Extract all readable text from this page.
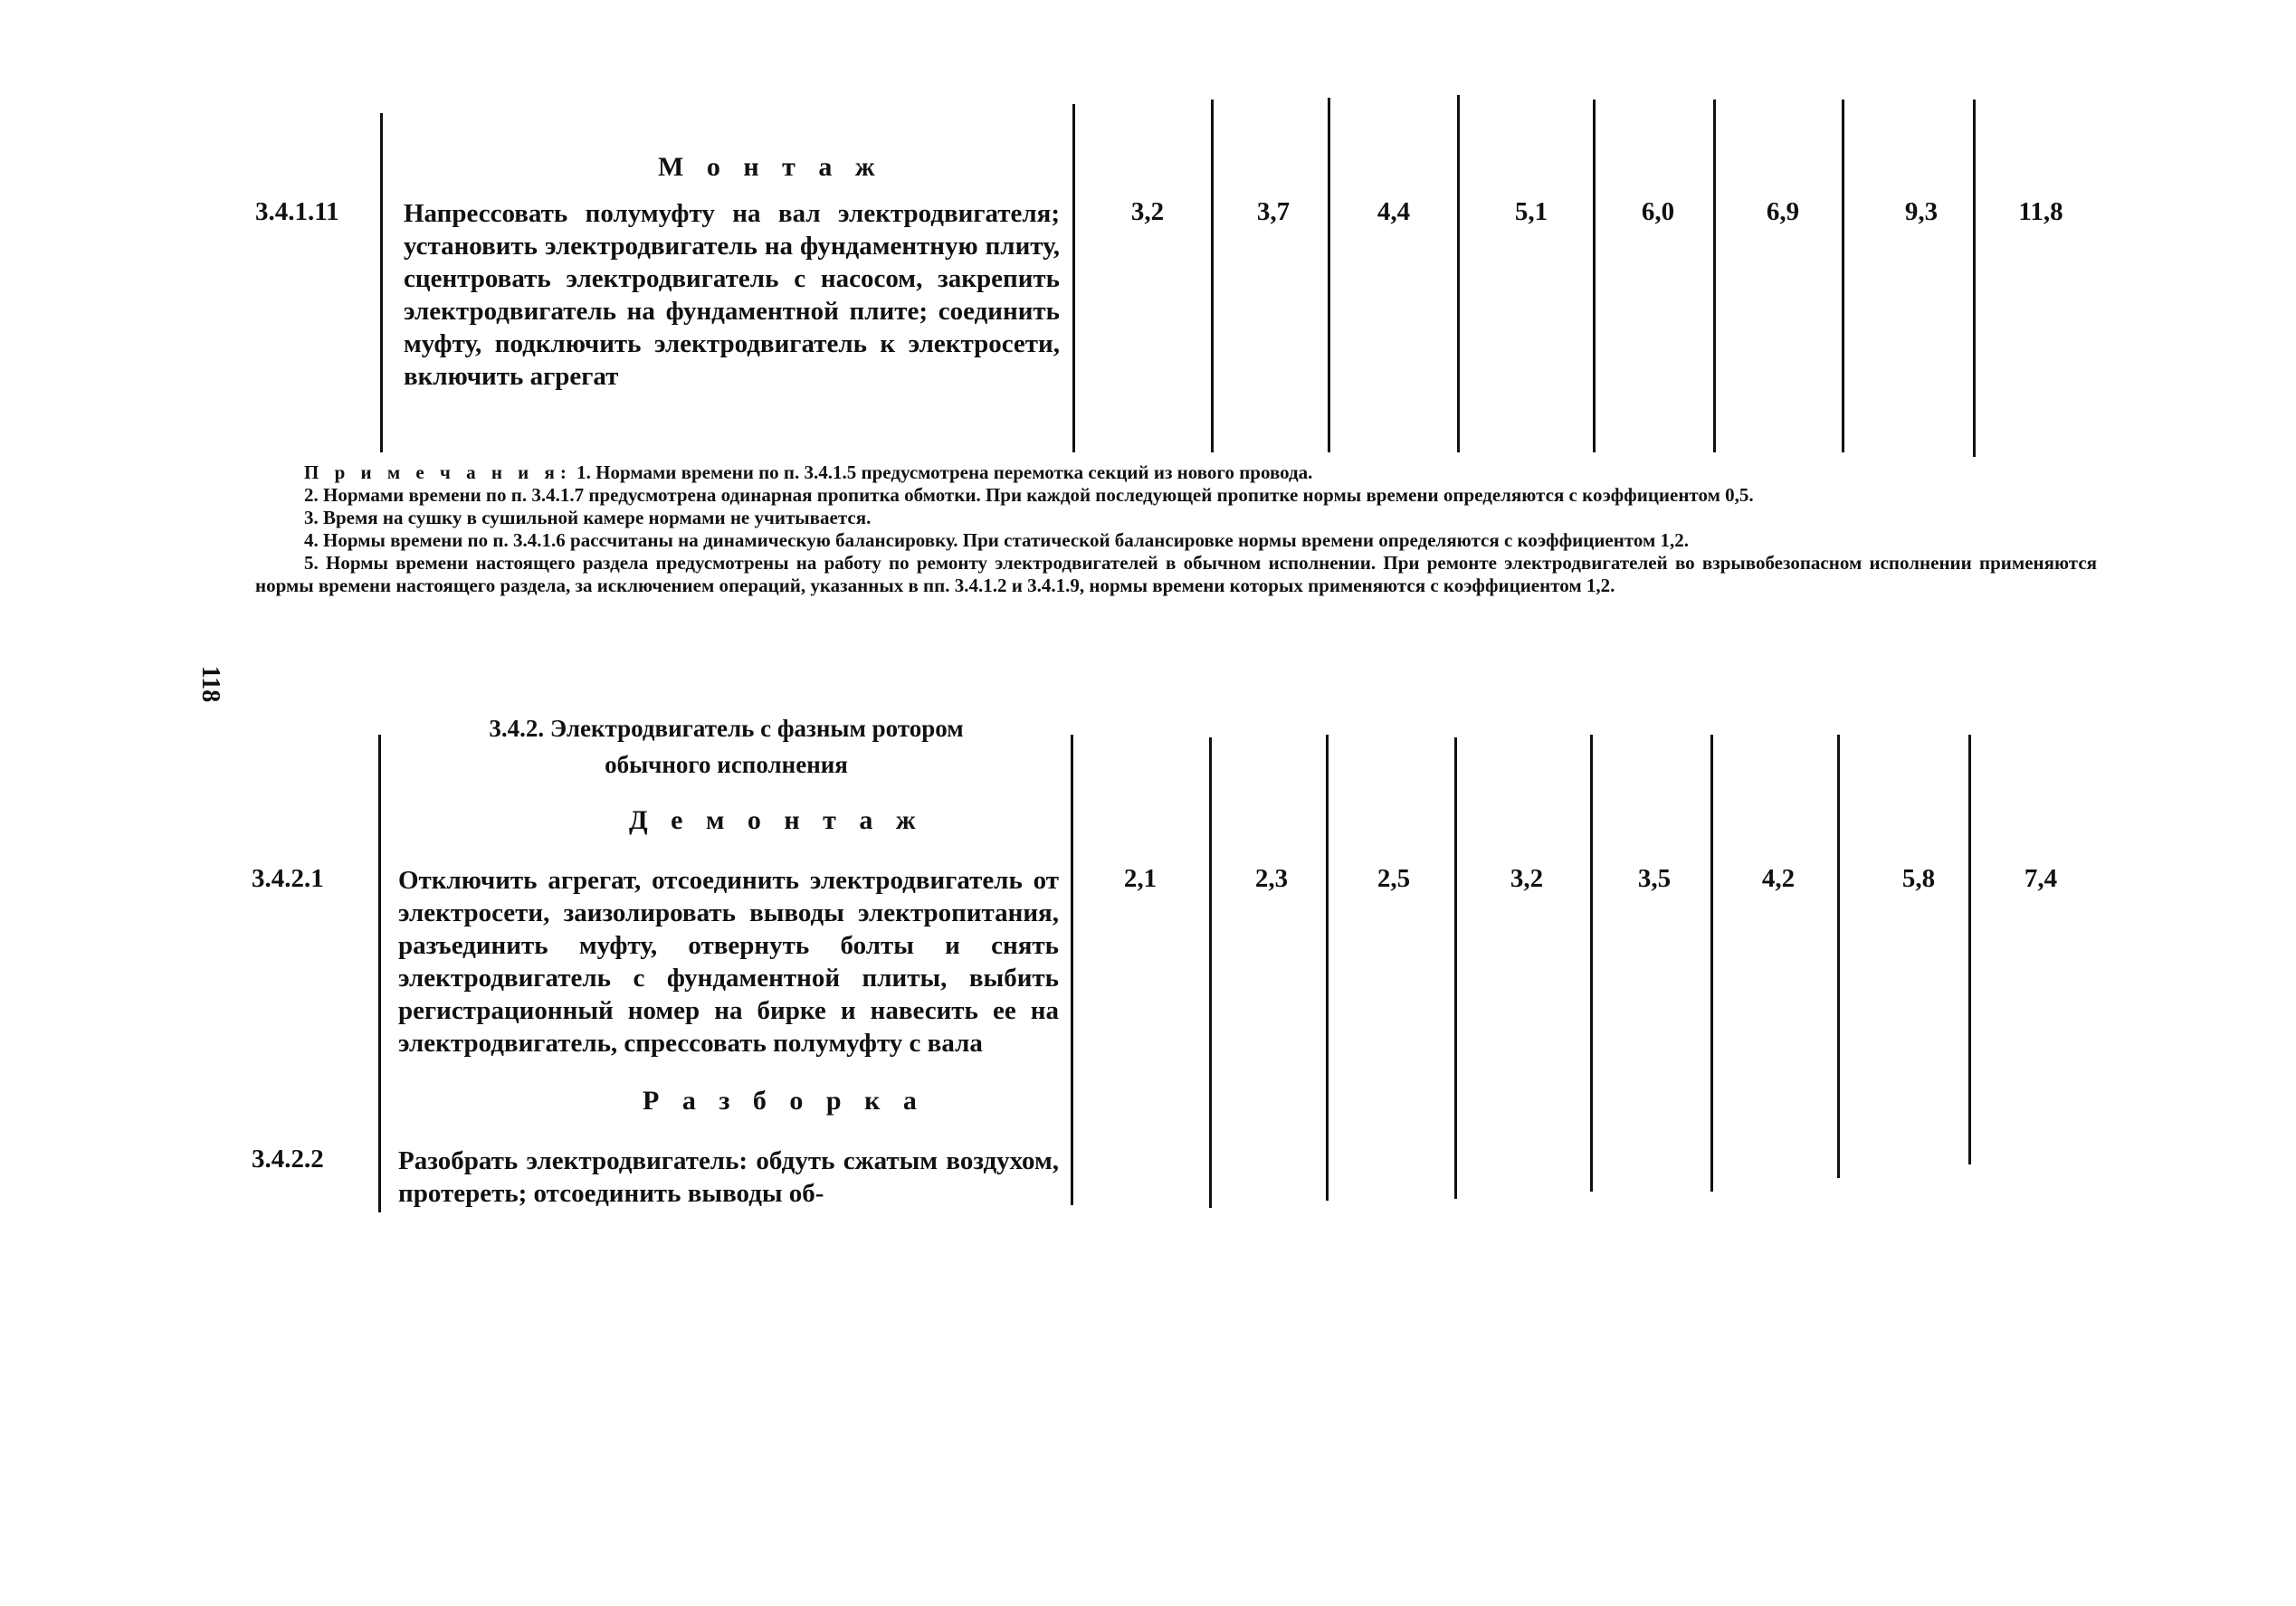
118
М о н т а ж
3.4.1.11 Напрессовать полумуфту на вал электродвигателя; установить электродвигатель на фундаментную плиту, сцентровать электродвигатель с насосом, закрепить электродвигатель на фундаментной плите; соединить муфту, подключить электродвигатель к электросети, включить агрегат
3,2	3,7	4,4	5,1	6,0	6,9	9,3	11,8

П р и м е ч а н и я: 1. Нормами времени по п. 3.4.1.5 предусмотрена перемотка секций из нового провода.

2. Нормами времени по п. 3.4.1.7 предусмотрена одинарная пропитка обмотки. При каждой последующей пропитке нормы времени определяются с коэффициентом 0,5.

3. Время на сушку в сушильной камере нормами не учитывается.

4. Нормы времени по п. 3.4.1.6 рассчитаны на динамическую балансировку. При статической балансировке нормы времени определяются с коэффициентом 1,2.

5. Нормы времени настоящего раздела предусмотрены на работу по ремонту электродвигателей в обычном исполнении. При ремонте электродвигателей во взрывобезопасном исполнении применяются нормы времени настоящего раздела, за исключением операций, указанных в пп. 3.4.1.2 и 3.4.1.9, нормы времени которых применяются с коэффициентом 1,2.

3.4.2. Электродвигатель с фазным ротором
обычного исполнения
Д е м о н т а ж
3.4.2.1	Отключить агрегат, отсоединить электродвигатель от электросети, заизолировать выводы электропитания, разъединить муфту, отвернуть болты и снять электродвигатель с фундаментной плиты, выбить регистрационный номер на бирке и навесить ее на электродвигатель, спрессовать полумуфту с вала
2,1	2,3	2,5	3,2	3,5	4,2	5,8	7,4
Р а з б о р к а
3.4.2.2	Разобрать электродвигатель: обдуть сжатым воздухом, протереть; отсоединить выводы об-
